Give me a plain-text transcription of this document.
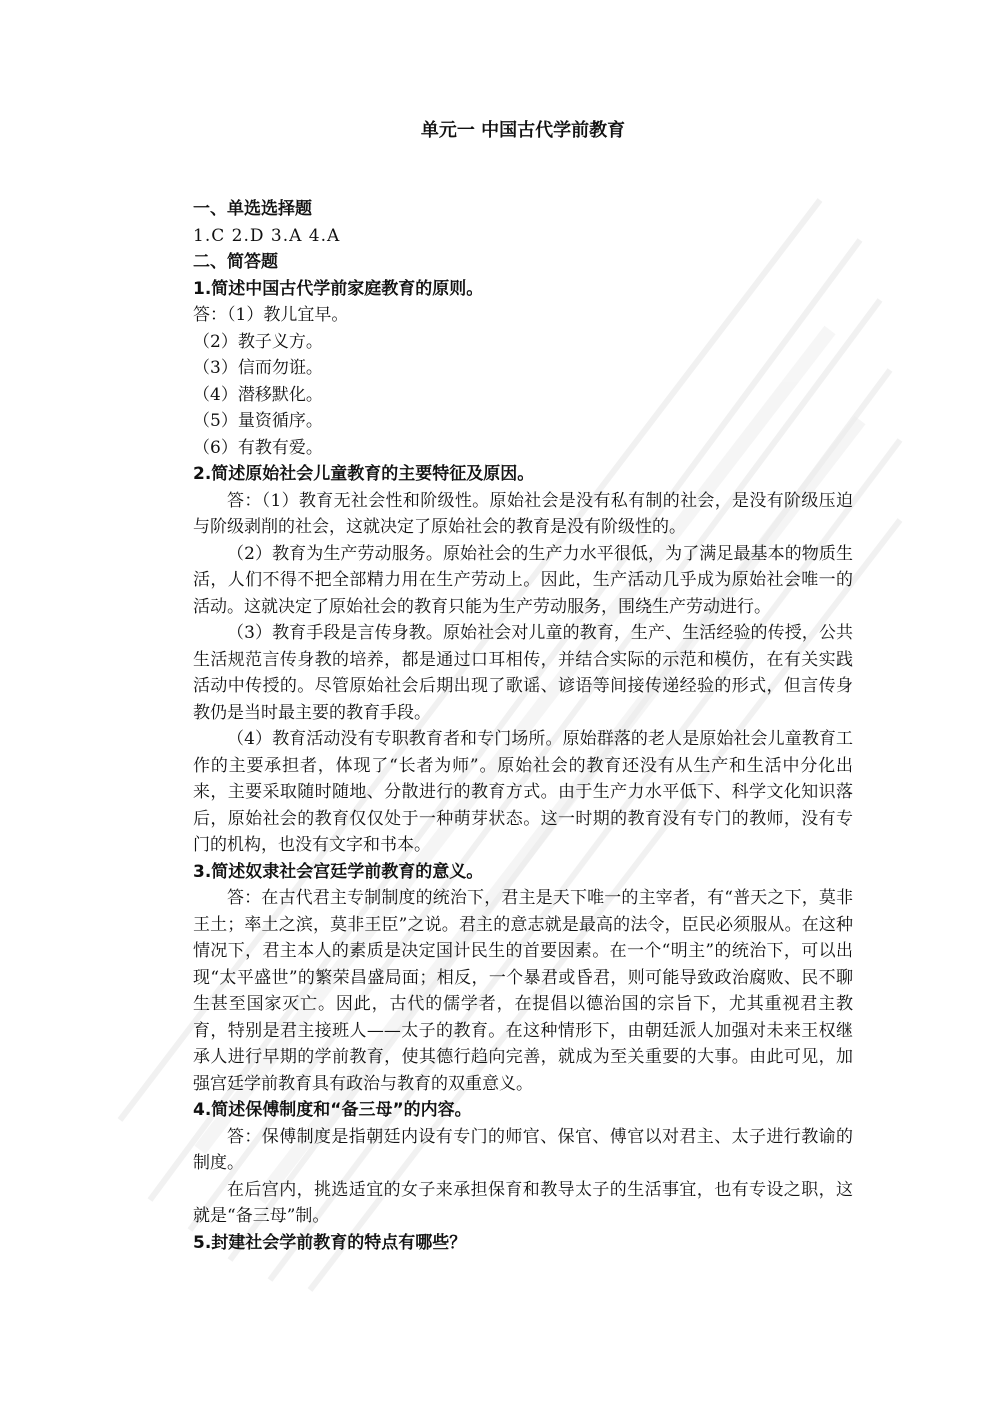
单元一 中国古代学前教育

一、单选选择题

1.C 2.D 3.A 4.A

二、简答题

1.简述中国古代学前家庭教育的原则。

答：（1）教儿宜早。

（2）教子义方。

（3）信而勿诳。

（4）潜移默化。

（5）量资循序。

（6）有教有爱。

2.简述原始社会儿童教育的主要特征及原因。

答：（1）教育无社会性和阶级性。原始社会是没有私有制的社会，是没有阶级压迫与阶级剥削的社会，这就决定了原始社会的教育是没有阶级性的。

（2）教育为生产劳动服务。原始社会的生产力水平很低，为了满足最基本的物质生活，人们不得不把全部精力用在生产劳动上。因此，生产活动几乎成为原始社会唯一的活动。这就决定了原始社会的教育只能为生产劳动服务，围绕生产劳动进行。

（3）教育手段是言传身教。原始社会对儿童的教育，生产、生活经验的传授，公共生活规范言传身教的培养，都是通过口耳相传，并结合实际的示范和模仿，在有关实践活动中传授的。尽管原始社会后期出现了歌谣、谚语等间接传递经验的形式，但言传身教仍是当时最主要的教育手段。

（4）教育活动没有专职教育者和专门场所。原始群落的老人是原始社会儿童教育工作的主要承担者，体现了“长者为师”。原始社会的教育还没有从生产和生活中分化出来，主要采取随时随地、分散进行的教育方式。由于生产力水平低下、科学文化知识落后，原始社会的教育仅仅处于一种萌芽状态。这一时期的教育没有专门的教师，没有专门的机构，也没有文字和书本。

3.简述奴隶社会宫廷学前教育的意义。

答：在古代君主专制制度的统治下，君主是天下唯一的主宰者，有“普天之下，莫非王土；率土之滨，莫非王臣”之说。君主的意志就是最高的法令，臣民必须服从。在这种情况下，君主本人的素质是决定国计民生的首要因素。在一个“明主”的统治下，可以出现“太平盛世”的繁荣昌盛局面；相反，一个暴君或昏君，则可能导致政治腐败、民不聊生甚至国家灭亡。因此，古代的儒学者，在提倡以德治国的宗旨下，尤其重视君主教育，特别是君主接班人——太子的教育。在这种情形下，由朝廷派人加强对未来王权继承人进行早期的学前教育，使其德行趋向完善，就成为至关重要的大事。由此可见，加强宫廷学前教育具有政治与教育的双重意义。

4.简述保傅制度和“备三母”的内容。

答：保傅制度是指朝廷内设有专门的师官、保官、傅官以对君主、太子进行教谕的制度。

在后宫内，挑选适宜的女子来承担保育和教导太子的生活事宜，也有专设之职，这就是“备三母”制。

5.封建社会学前教育的特点有哪些？
